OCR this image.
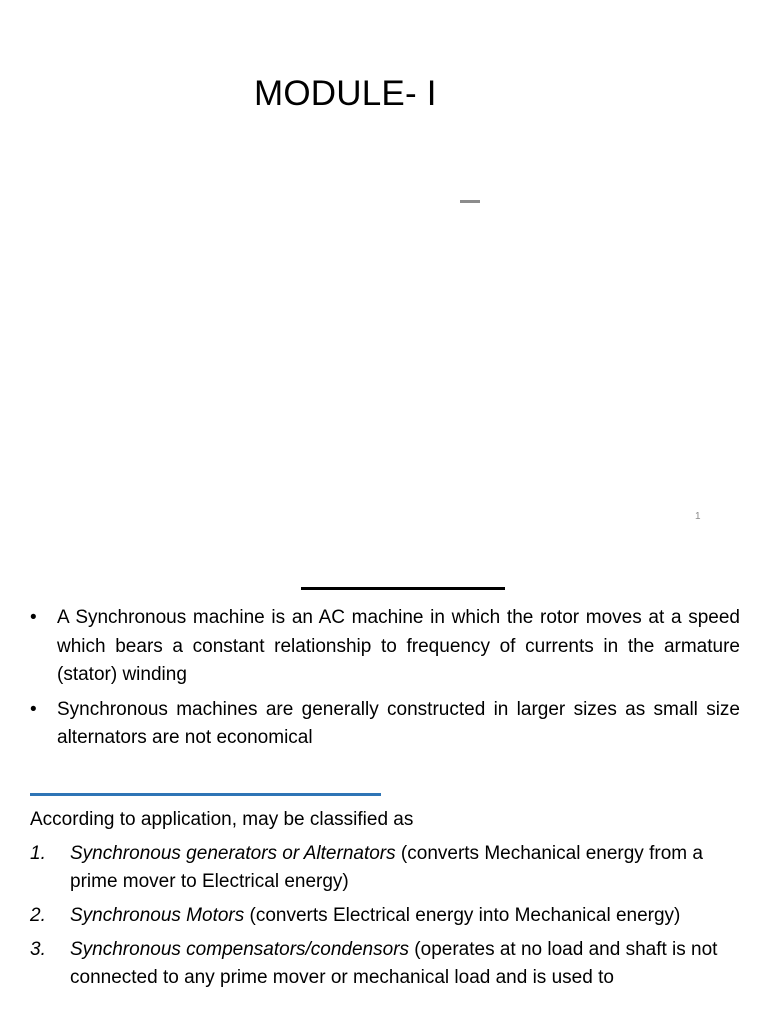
MODULE- I
1
• A Synchronous machine is an AC machine in which the rotor moves at a speed which bears a constant relationship to frequency of currents in the armature (stator) winding
• Synchronous machines are generally constructed in larger sizes as small size alternators are not economical
According to application, may be classified as
1. Synchronous generators or Alternators (converts Mechanical energy from a prime mover to Electrical energy)
2. Synchronous Motors (converts Electrical energy into Mechanical energy)
3. Synchronous compensators/condensors (operates at no load and shaft is not connected to any prime mover or mechanical load and is used to
